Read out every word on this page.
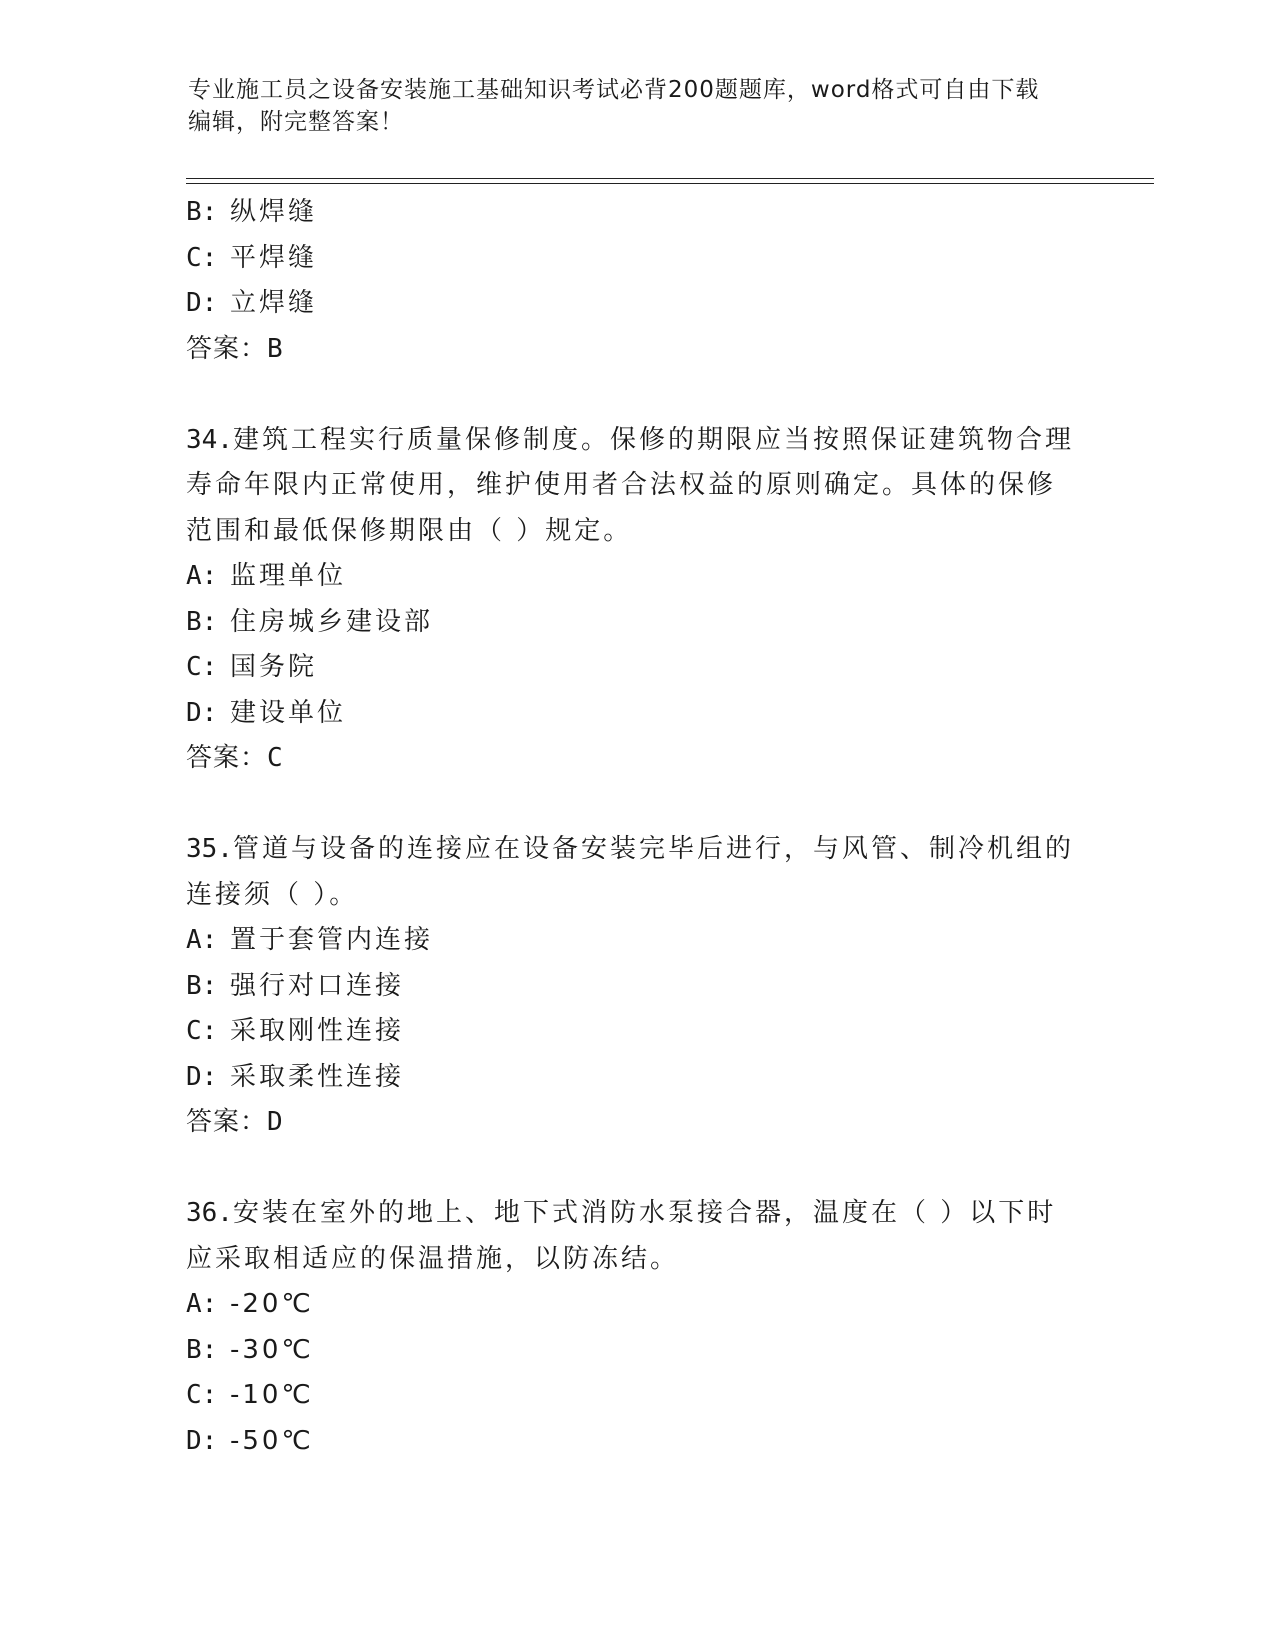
专业施工员之设备安装施工基础知识考试必背200题题库，word格式可自由下载
编辑，附完整答案！
B: 纵焊缝
C: 平焊缝
D: 立焊缝
答案：B
34.建筑工程实行质量保修制度。保修的期限应当按照保证建筑物合理
寿命年限内正常使用，维护使用者合法权益的原则确定。具体的保修
范围和最低保修期限由（ ）规定。
A: 监理单位
B: 住房城乡建设部
C: 国务院
D: 建设单位
答案：C
35.管道与设备的连接应在设备安装完毕后进行，与风管、制冷机组的
连接须（ ）。
A: 置于套管内连接
B: 强行对口连接
C: 采取刚性连接
D: 采取柔性连接
答案：D
36.安装在室外的地上、地下式消防水泵接合器，温度在（ ）以下时
应采取相适应的保温措施，以防冻结。
A: -20℃
B: -30℃
C: -10℃
D: -50℃
